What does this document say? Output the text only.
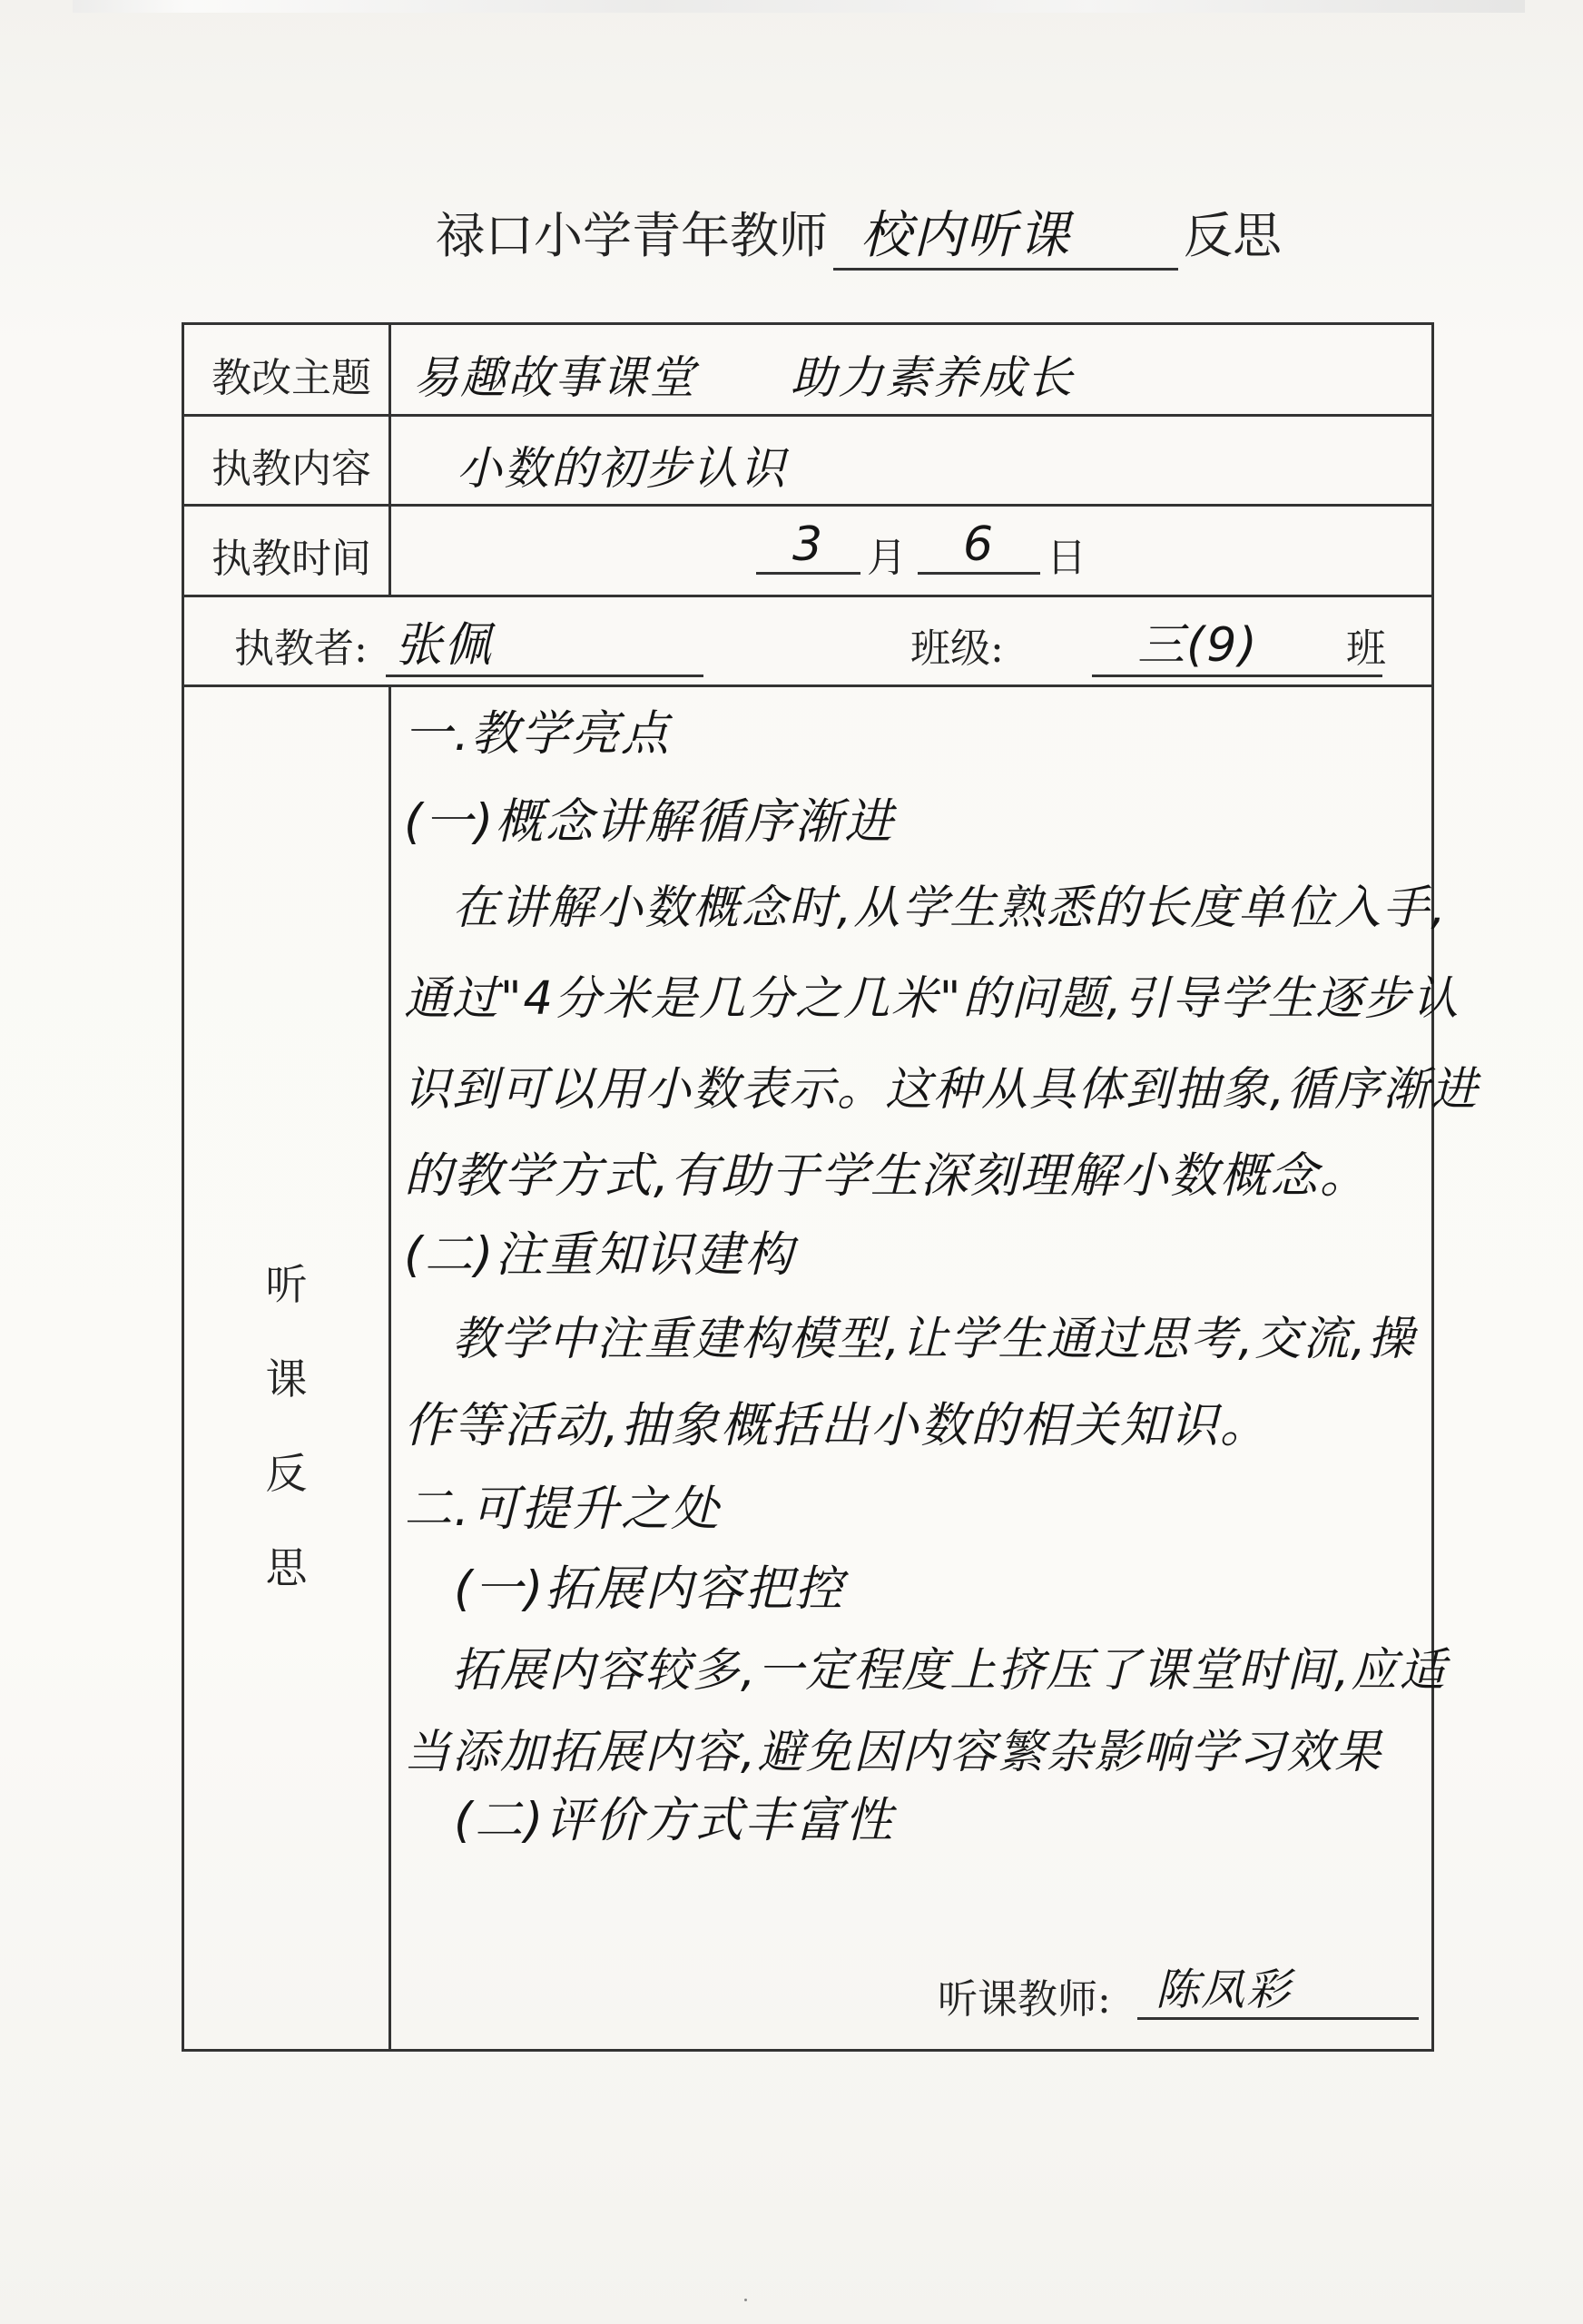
禄口小学青年教师 校内听课 反思
教改主题 易趣故事课堂　　助力素养成长
执教内容 小数的初步认识
执教时间	3	月	6	日
执教者: 张佩	班级:	三(9)	班
听
课
反
思
一.教学亮点
(一)概念讲解循序渐进
　在讲解小数概念时,从学生熟悉的长度单位入手,
通过"4分米是几分之几米"的问题,引导学生逐步认
识到可以用小数表示。这种从具体到抽象,循序渐进
的教学方式,有助于学生深刻理解小数概念。
(二)注重知识建构
　教学中注重建构模型,让学生通过思考,交流,操
作等活动,抽象概括出小数的相关知识。
二.可提升之处
　(一)拓展内容把控
　拓展内容较多,一定程度上挤压了课堂时间,应适
当添加拓展内容,避免因内容繁杂影响学习效果
　(二)评价方式丰富性
听课教师:	陈凤彩
